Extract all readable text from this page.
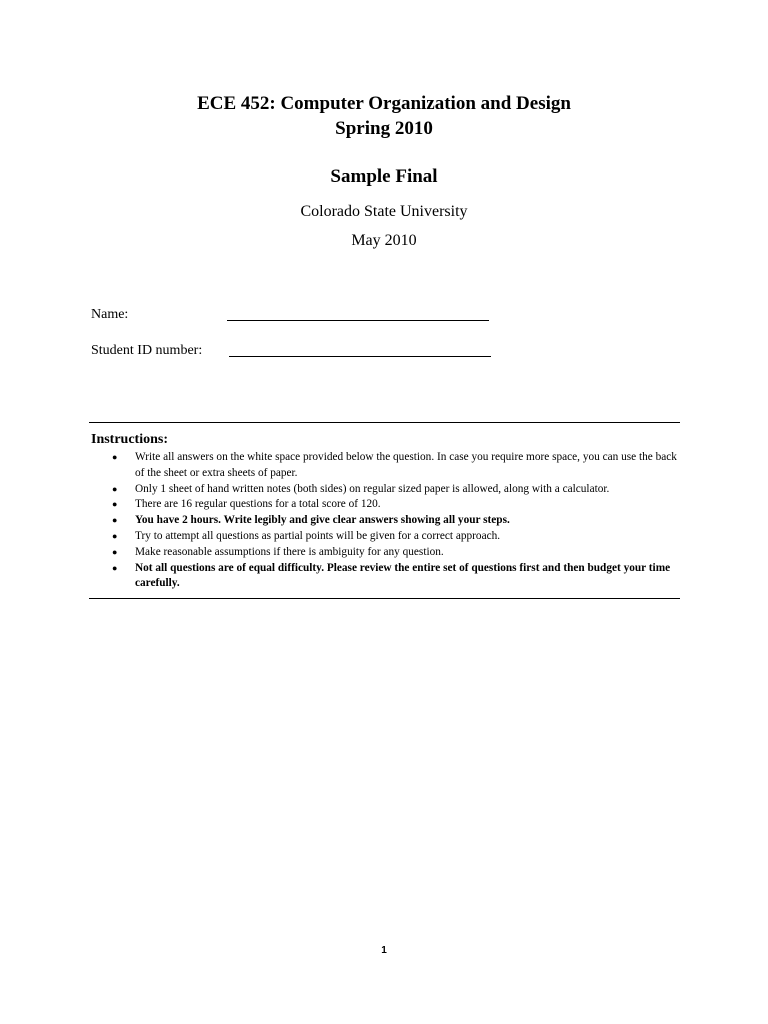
ECE 452: Computer Organization and Design
Spring 2010
Sample Final
Colorado State University
May 2010
Name:
Student ID number:
Instructions:
● Write all answers on the white space provided below the question. In case you require more space, you can use the back of the sheet or extra sheets of paper.
● Only 1 sheet of hand written notes (both sides) on regular sized paper is allowed, along with a calculator.
● There are 16 regular questions for a total score of 120.
● You have 2 hours. Write legibly and give clear answers showing all your steps.
● Try to attempt all questions as partial points will be given for a correct approach.
● Make reasonable assumptions if there is ambiguity for any question.
● Not all questions are of equal difficulty. Please review the entire set of questions first and then budget your time carefully.
1
